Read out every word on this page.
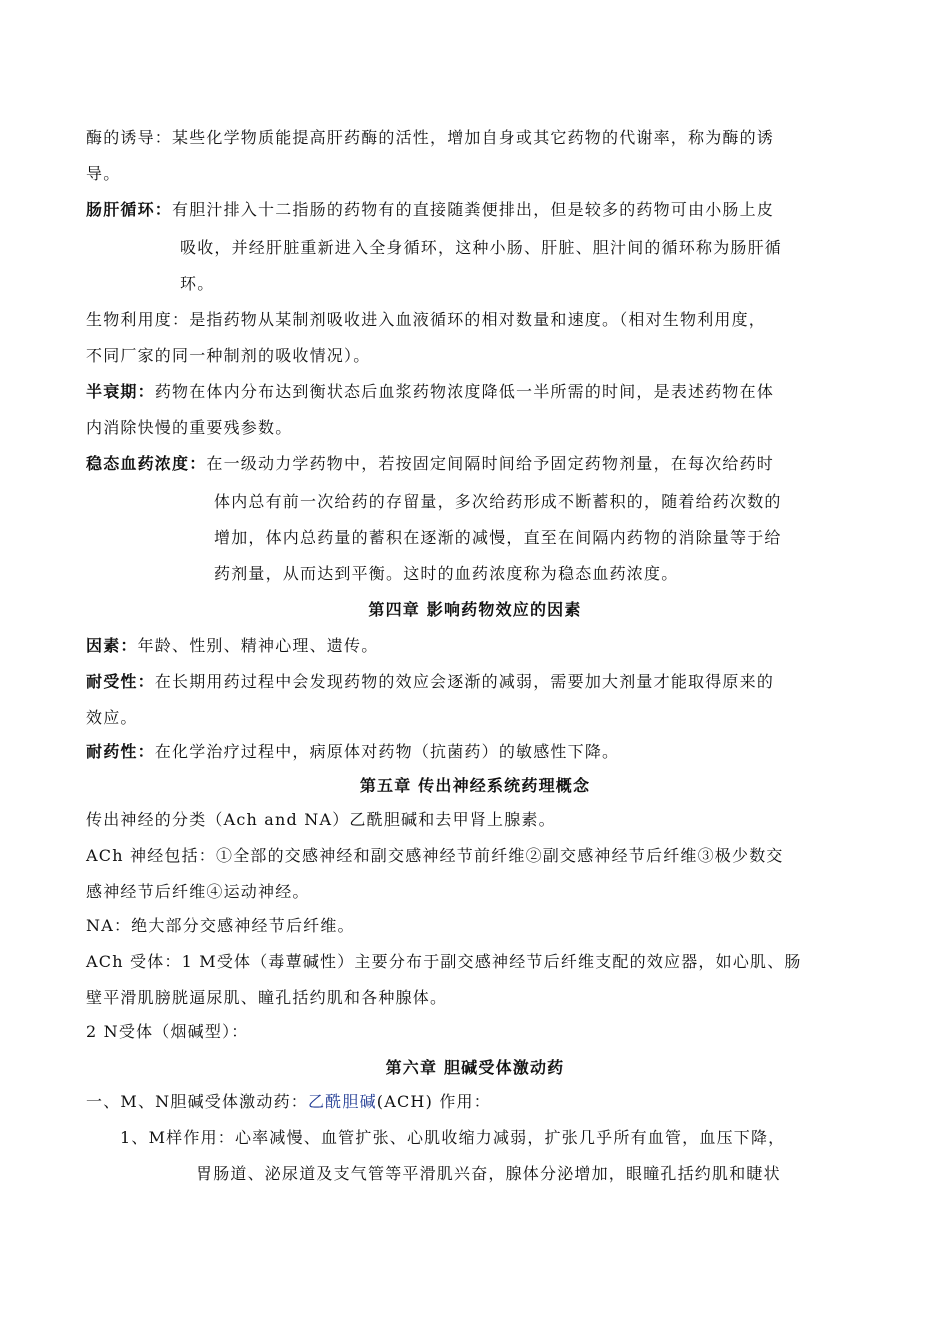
酶的诱导：某些化学物质能提高肝药酶的活性，增加自身或其它药物的代谢率，称为酶的诱
导。
肠肝循环：有胆汁排入十二指肠的药物有的直接随粪便排出，但是较多的药物可由小肠上皮
吸收，并经肝脏重新进入全身循环，这种小肠、肝脏、胆汁间的循环称为肠肝循
环。
生物利用度：是指药物从某制剂吸收进入血液循环的相对数量和速度。（相对生物利用度，
不同厂家的同一种制剂的吸收情况）。
半衰期：药物在体内分布达到衡状态后血浆药物浓度降低一半所需的时间，是表述药物在体
内消除快慢的重要残参数。
稳态血药浓度：在一级动力学药物中，若按固定间隔时间给予固定药物剂量，在每次给药时
体内总有前一次给药的存留量，多次给药形成不断蓄积的，随着给药次数的
增加，体内总药量的蓄积在逐渐的减慢，直至在间隔内药物的消除量等于给
药剂量，从而达到平衡。这时的血药浓度称为稳态血药浓度。
第四章 影响药物效应的因素
因素：年龄、性别、精神心理、遗传。
耐受性：在长期用药过程中会发现药物的效应会逐渐的减弱，需要加大剂量才能取得原来的
效应。
耐药性：在化学治疗过程中，病原体对药物（抗菌药）的敏感性下降。
第五章 传出神经系统药理概念
传出神经的分类（Ach and NA）乙酰胆碱和去甲肾上腺素。
ACh 神经包括：①全部的交感神经和副交感神经节前纤维②副交感神经节后纤维③极少数交
感神经节后纤维④运动神经。
NA：绝大部分交感神经节后纤维。
ACh 受体：1 M受体（毒蕈碱性）主要分布于副交感神经节后纤维支配的效应器，如心肌、肠
壁平滑肌膀胱逼尿肌、瞳孔括约肌和各种腺体。
2 N受体（烟碱型）：
第六章 胆碱受体激动药
一、M、N胆碱受体激动药：乙酰胆碱(ACH) 作用：
1、M样作用：心率减慢、血管扩张、心肌收缩力减弱，扩张几乎所有血管，血压下降，
胃肠道、泌尿道及支气管等平滑肌兴奋，腺体分泌增加，眼瞳孔括约肌和睫状
